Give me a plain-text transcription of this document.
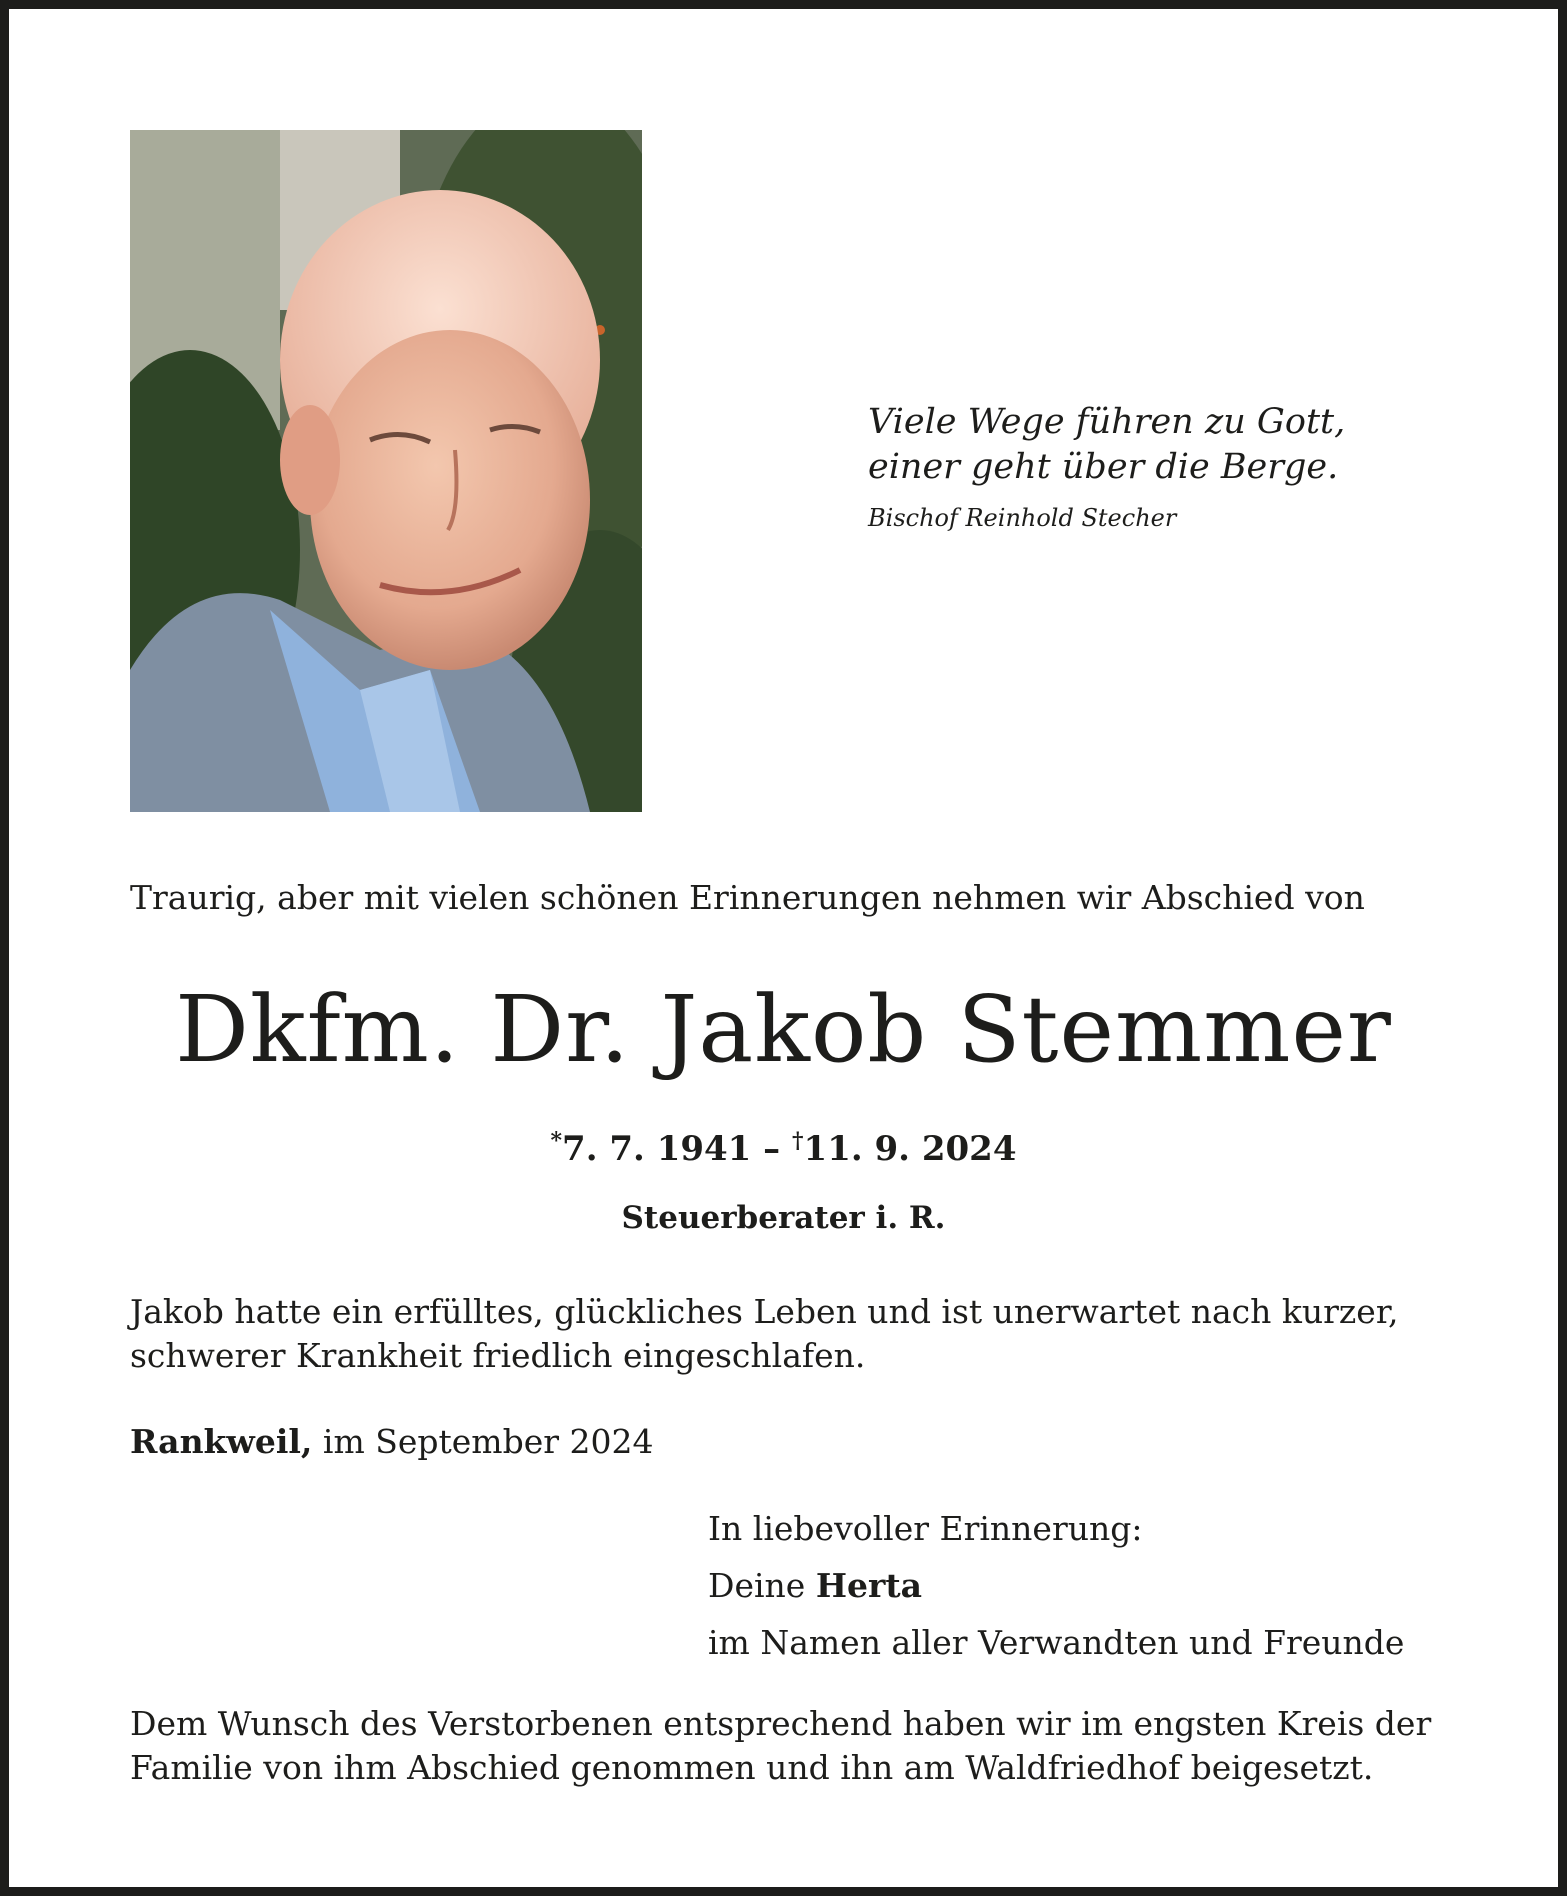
Viele Wege führen zu Gott,
einer geht über die Berge.
Bischof Reinhold Stecher
Traurig, aber mit vielen schönen Erinnerungen nehmen wir Abschied von
Dkfm. Dr. Jakob Stemmer
*7. 7. 1941 – †11. 9. 2024
Steuerberater i. R.
Jakob hatte ein erfülltes, glückliches Leben und ist unerwartet nach kurzer,
schwerer Krankheit friedlich eingeschlafen.
Rankweil, im September 2024
In liebevoller Erinnerung:
Deine Herta
im Namen aller Verwandten und Freunde
Dem Wunsch des Verstorbenen entsprechend haben wir im engsten Kreis der
Familie von ihm Abschied genommen und ihn am Waldfriedhof beigesetzt.
